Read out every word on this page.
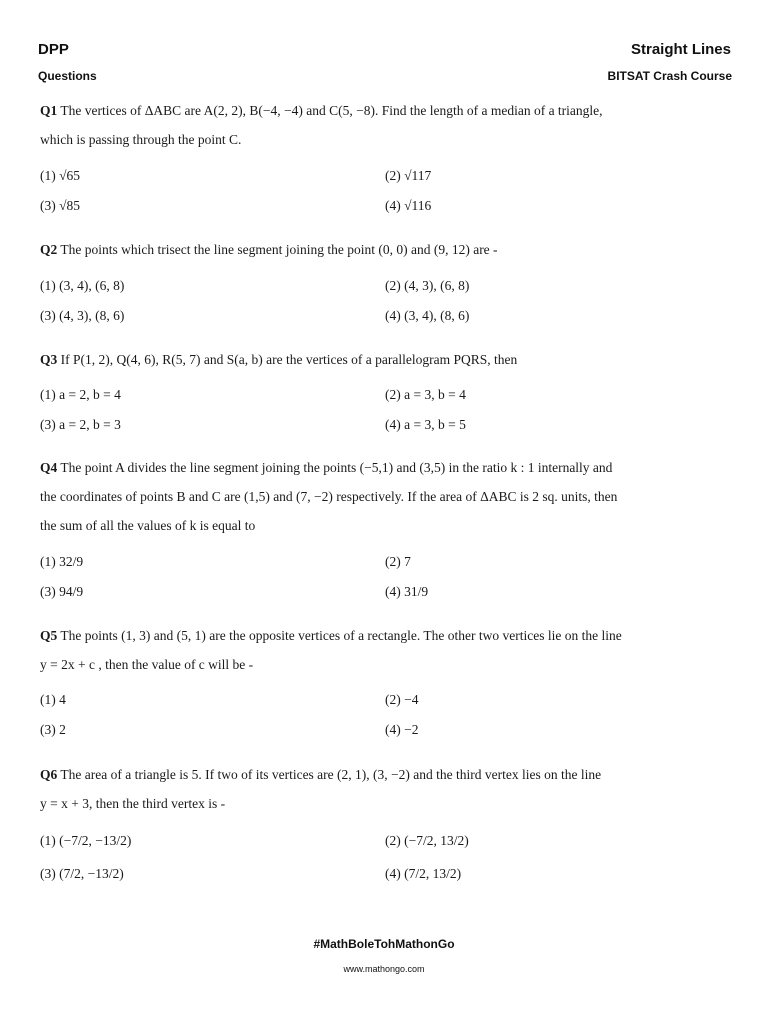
DPP	Straight Lines
Questions	BITSAT Crash Course
Q1 The vertices of ΔABC are A(2, 2), B(−4, −4) and C(5, −8). Find the length of a median of a triangle,
which is passing through the point C.
(1) √65	(2) √117
(3) √85	(4) √116
Q2 The points which trisect the line segment joining the point (0, 0) and (9, 12) are -
(1) (3, 4), (6, 8)	(2) (4, 3), (6, 8)
(3) (4, 3), (8, 6)	(4) (3, 4), (8, 6)
Q3 If P(1, 2), Q(4, 6), R(5, 7) and S(a, b) are the vertices of a parallelogram PQRS, then
(1) a = 2, b = 4	(2) a = 3, b = 4
(3) a = 2, b = 3	(4) a = 3, b = 5
Q4 The point A divides the line segment joining the points (−5,1) and (3,5) in the ratio k : 1 internally and
the coordinates of points B and C are (1,5) and (7, −2) respectively. If the area of ΔABC is 2 sq. units, then
the sum of all the values of k is equal to
(1) 32/9	(2) 7
(3) 94/9	(4) 31/9
Q5 The points (1, 3) and (5, 1) are the opposite vertices of a rectangle. The other two vertices lie on the line
y = 2x + c , then the value of c will be -
(1) 4	(2) −4
(3) 2	(4) −2
Q6 The area of a triangle is 5. If two of its vertices are (2, 1), (3, −2) and the third vertex lies on the line
y = x + 3, then the third vertex is -
(1) (−7/2, −13/2)	(2) (−7/2, 13/2)
(3) (7/2, −13/2)	(4) (7/2, 13/2)
#MathBoleTohMathonGo
www.mathongo.com
